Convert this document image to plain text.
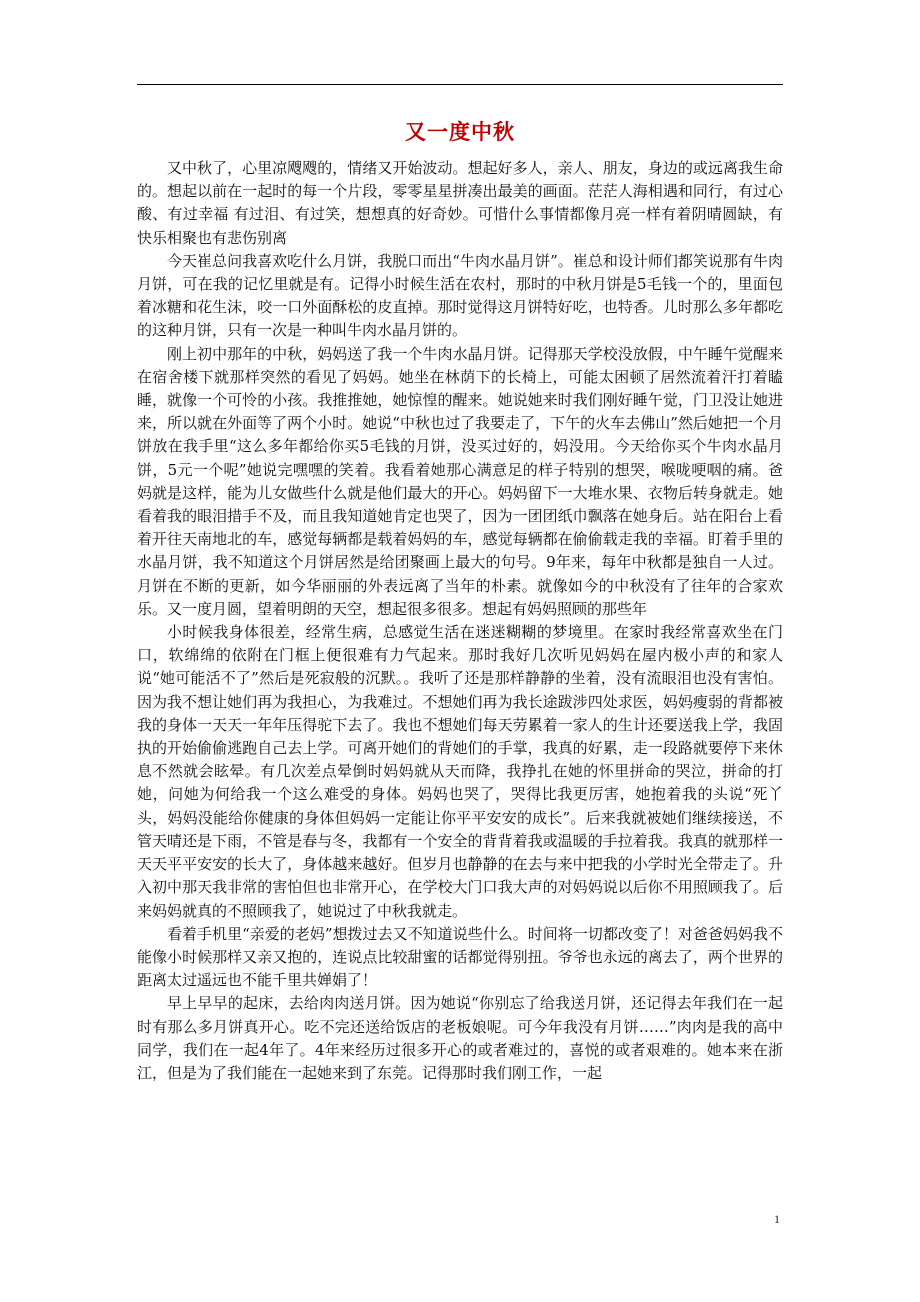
又一度中秋

又中秋了，心里凉飕飕的，情绪又开始波动。想起好多人，亲人、朋友，身边的或远离我生命的。想起以前在一起时的每一个片段，零零星星拼凑出最美的画面。茫茫人海相遇和同行，有过心酸、有过幸福 有过泪、有过笑，想想真的好奇妙。可惜什么事情都像月亮一样有着阴晴圆缺，有快乐相聚也有悲伤别离

今天崔总问我喜欢吃什么月饼，我脱口而出“牛肉水晶月饼”。崔总和设计师们都笑说那有牛肉月饼，可在我的记忆里就是有。记得小时候生活在农村，那时的中秋月饼是5毛钱一个的，里面包着冰糖和花生沫，咬一口外面酥松的皮直掉。那时觉得这月饼特好吃，也特香。儿时那么多年都吃的这种月饼，只有一次是一种叫牛肉水晶月饼的。

刚上初中那年的中秋，妈妈送了我一个牛肉水晶月饼。记得那天学校没放假，中午睡午觉醒来在宿舍楼下就那样突然的看见了妈妈。她坐在林荫下的长椅上，可能太困顿了居然流着汗打着瞌睡，就像一个可怜的小孩。我推推她，她惊惶的醒来。她说她来时我们刚好睡午觉，门卫没让她进来，所以就在外面等了两个小时。她说“中秋也过了我要走了，下午的火车去佛山”然后她把一个月饼放在我手里“这么多年都给你买5毛钱的月饼，没买过好的，妈没用。今天给你买个牛肉水晶月饼，5元一个呢”她说完嘿嘿的笑着。我看着她那心满意足的样子特别的想哭，喉咙哽咽的痛。爸妈就是这样，能为儿女做些什么就是他们最大的开心。妈妈留下一大堆水果、衣物后转身就走。她看着我的眼泪措手不及，而且我知道她肯定也哭了，因为一团团纸巾飘落在她身后。站在阳台上看着开往天南地北的车，感觉每辆都是载着妈妈的车，感觉每辆都在偷偷载走我的幸福。盯着手里的水晶月饼，我不知道这个月饼居然是给团聚画上最大的句号。9年来，每年中秋都是独自一人过。月饼在不断的更新，如今华丽丽的外表远离了当年的朴素。就像如今的中秋没有了往年的合家欢乐。又一度月圆，望着明朗的天空，想起很多很多。想起有妈妈照顾的那些年

小时候我身体很差，经常生病，总感觉生活在迷迷糊糊的梦境里。在家时我经常喜欢坐在门口，软绵绵的依附在门框上便很难有力气起来。那时我好几次听见妈妈在屋内极小声的和家人说“她可能活不了”然后是死寂般的沉默。。我听了还是那样静静的坐着，没有流眼泪也没有害怕。因为我不想让她们再为我担心，为我难过。不想她们再为我长途跋涉四处求医，妈妈瘦弱的背都被我的身体一天天一年年压得驼下去了。我也不想她们每天劳累着一家人的生计还要送我上学，我固执的开始偷偷逃跑自己去上学。可离开她们的背她们的手掌，我真的好累，走一段路就要停下来休息不然就会眩晕。有几次差点晕倒时妈妈就从天而降，我挣扎在她的怀里拼命的哭泣，拼命的打她，问她为何给我一个这么难受的身体。妈妈也哭了，哭得比我更厉害，她抱着我的头说“死丫头，妈妈没能给你健康的身体但妈妈一定能让你平平安安的成长”。后来我就被她们继续接送，不管天晴还是下雨，不管是春与冬，我都有一个安全的背背着我或温暖的手拉着我。我真的就那样一天天平平安安的长大了，身体越来越好。但岁月也静静的在去与来中把我的小学时光全带走了。升入初中那天我非常的害怕但也非常开心，在学校大门口我大声的对妈妈说以后你不用照顾我了。后来妈妈就真的不照顾我了，她说过了中秋我就走。

看着手机里“亲爱的老妈”想拨过去又不知道说些什么。时间将一切都改变了！对爸爸妈妈我不能像小时候那样又亲又抱的，连说点比较甜蜜的话都觉得别扭。爷爷也永远的离去了，两个世界的距离太过遥远也不能千里共婵娟了！

早上早早的起床，去给肉肉送月饼。因为她说“你别忘了给我送月饼，还记得去年我们在一起时有那么多月饼真开心。吃不完还送给饭店的老板娘呢。可今年我没有月饼……”肉肉是我的高中同学，我们在一起4年了。4年来经历过很多开心的或者难过的，喜悦的或者艰难的。她本来在浙江，但是为了我们能在一起她来到了东莞。记得那时我们刚工作，一起

1
